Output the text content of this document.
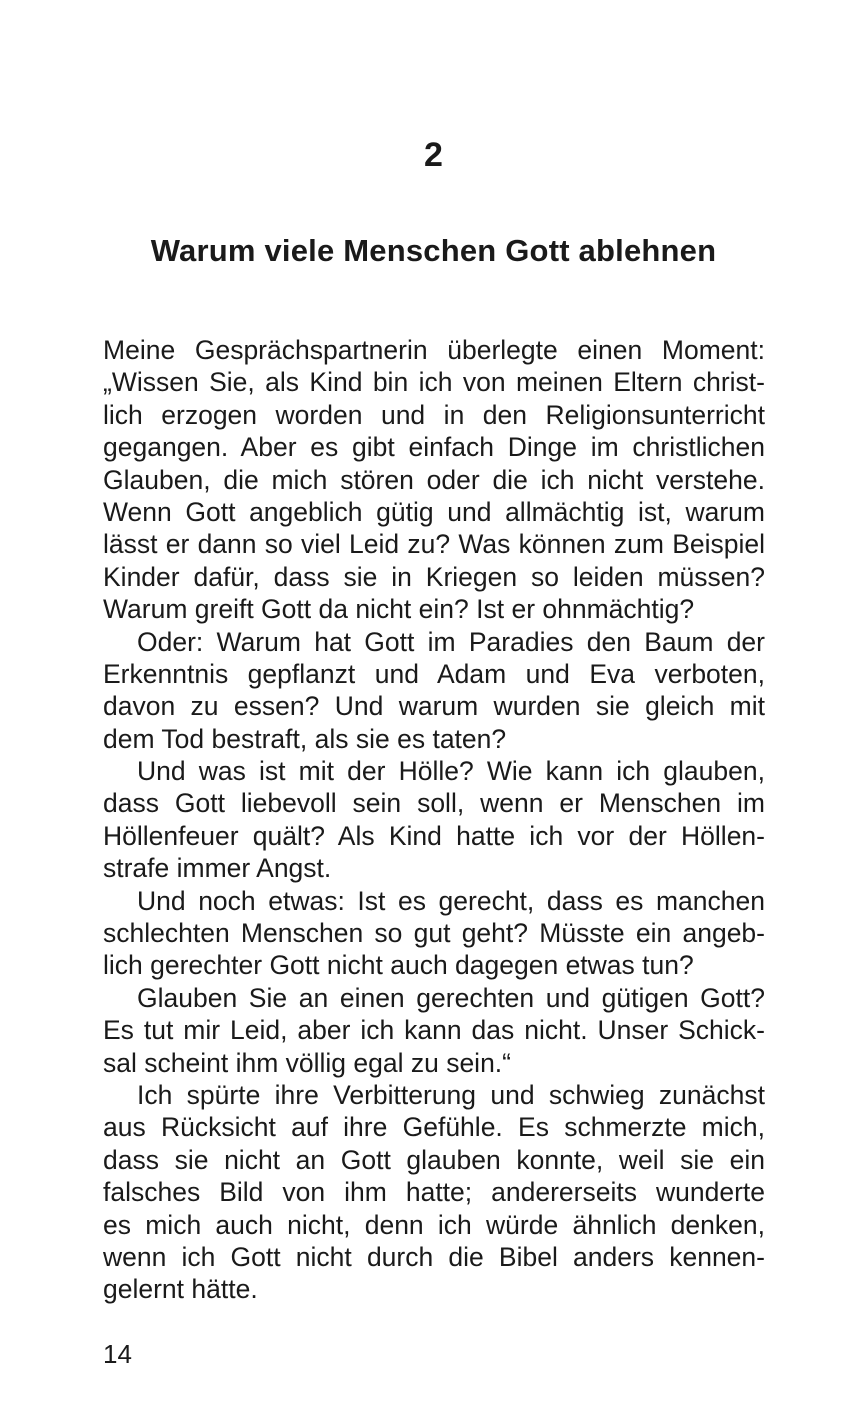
2
Warum viele Menschen Gott ablehnen
Meine Gesprächspartnerin überlegte einen Moment:
„Wissen Sie, als Kind bin ich von meinen Eltern christ-
lich erzogen worden und in den Religionsunterricht
gegangen. Aber es gibt einfach Dinge im christlichen
Glauben, die mich stören oder die ich nicht verstehe.
Wenn Gott angeblich gütig und allmächtig ist, warum
lässt er dann so viel Leid zu? Was können zum Beispiel
Kinder dafür, dass sie in Kriegen so leiden müssen?
Warum greift Gott da nicht ein? Ist er ohnmächtig?
Oder: Warum hat Gott im Paradies den Baum der
Erkenntnis gepflanzt und Adam und Eva verboten,
davon zu essen? Und warum wurden sie gleich mit
dem Tod bestraft, als sie es taten?
Und was ist mit der Hölle? Wie kann ich glauben,
dass Gott liebevoll sein soll, wenn er Menschen im
Höllenfeuer quält? Als Kind hatte ich vor der Höllen-
strafe immer Angst.
Und noch etwas: Ist es gerecht, dass es manchen
schlechten Menschen so gut geht? Müsste ein angeb-
lich gerechter Gott nicht auch dagegen etwas tun?
Glauben Sie an einen gerechten und gütigen Gott?
Es tut mir Leid, aber ich kann das nicht. Unser Schick-
sal scheint ihm völlig egal zu sein.“
Ich spürte ihre Verbitterung und schwieg zunächst
aus Rücksicht auf ihre Gefühle. Es schmerzte mich,
dass sie nicht an Gott glauben konnte, weil sie ein
falsches Bild von ihm hatte; andererseits wunderte
es mich auch nicht, denn ich würde ähnlich denken,
wenn ich Gott nicht durch die Bibel anders kennen-
gelernt hätte.
14
